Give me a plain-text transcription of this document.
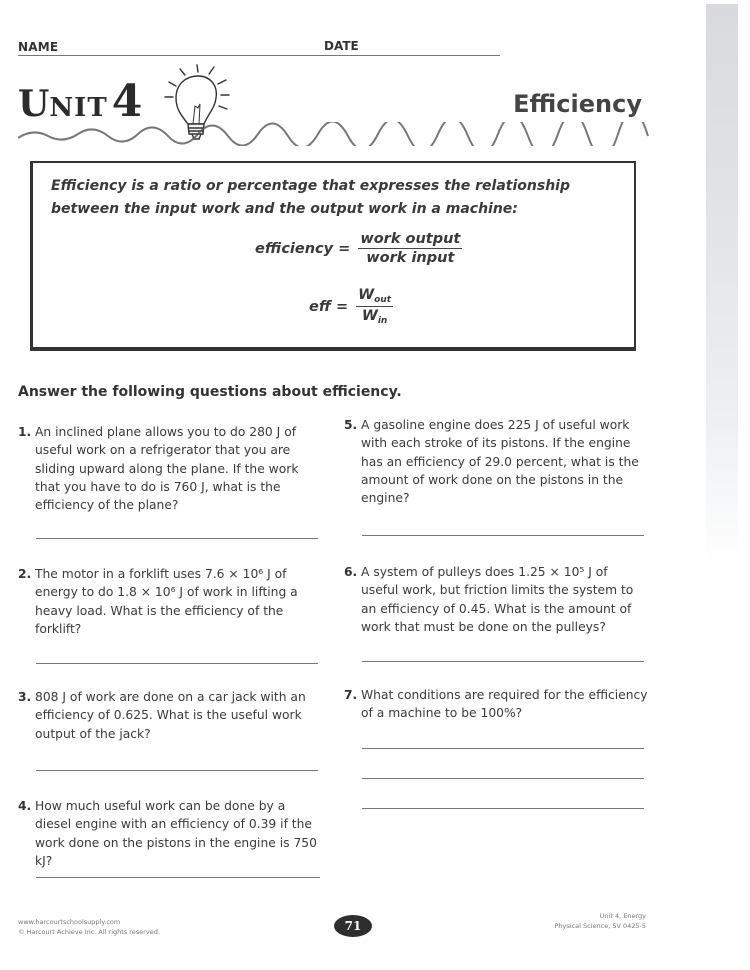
NAME	DATE
UNIT4	Efficiency
Efficiency is a ratio or percentage that expresses the relationship between the input work and the output work in a machine:
efficiency = $\frac{\text{work output}}{\text{work input}}$
eff = $\frac{W_{out}}{W_{in}}$
Answer the following questions about efficiency.
1. An inclined plane allows you to do 280 J of useful work on a refrigerator that you are sliding upward along the plane. If the work that you have to do is 760 J, what is the efficiency of the plane?
2. The motor in a forklift uses 7.6 × 10⁶ J of energy to do 1.8 × 10⁶ J of work in lifting a heavy load. What is the efficiency of the forklift?
3. 808 J of work are done on a car jack with an efficiency of 0.625. What is the useful work output of the jack?
4. How much useful work can be done by a diesel engine with an efficiency of 0.39 if the work done on the pistons in the engine is 750 kJ?
5. A gasoline engine does 225 J of useful work with each stroke of its pistons. If the engine has an efficiency of 29.0 percent, what is the amount of work done on the pistons in the engine?
6. A system of pulleys does 1.25 × 10⁵ J of useful work, but friction limits the system to an efficiency of 0.45. What is the amount of work that must be done on the pulleys?
7. What conditions are required for the efficiency of a machine to be 100%?
www.harcourtschoolsupply.com
© Harcourt Achieve Inc. All rights reserved.	71
Unit 4, Energy
Physical Science, SV 0425-5
